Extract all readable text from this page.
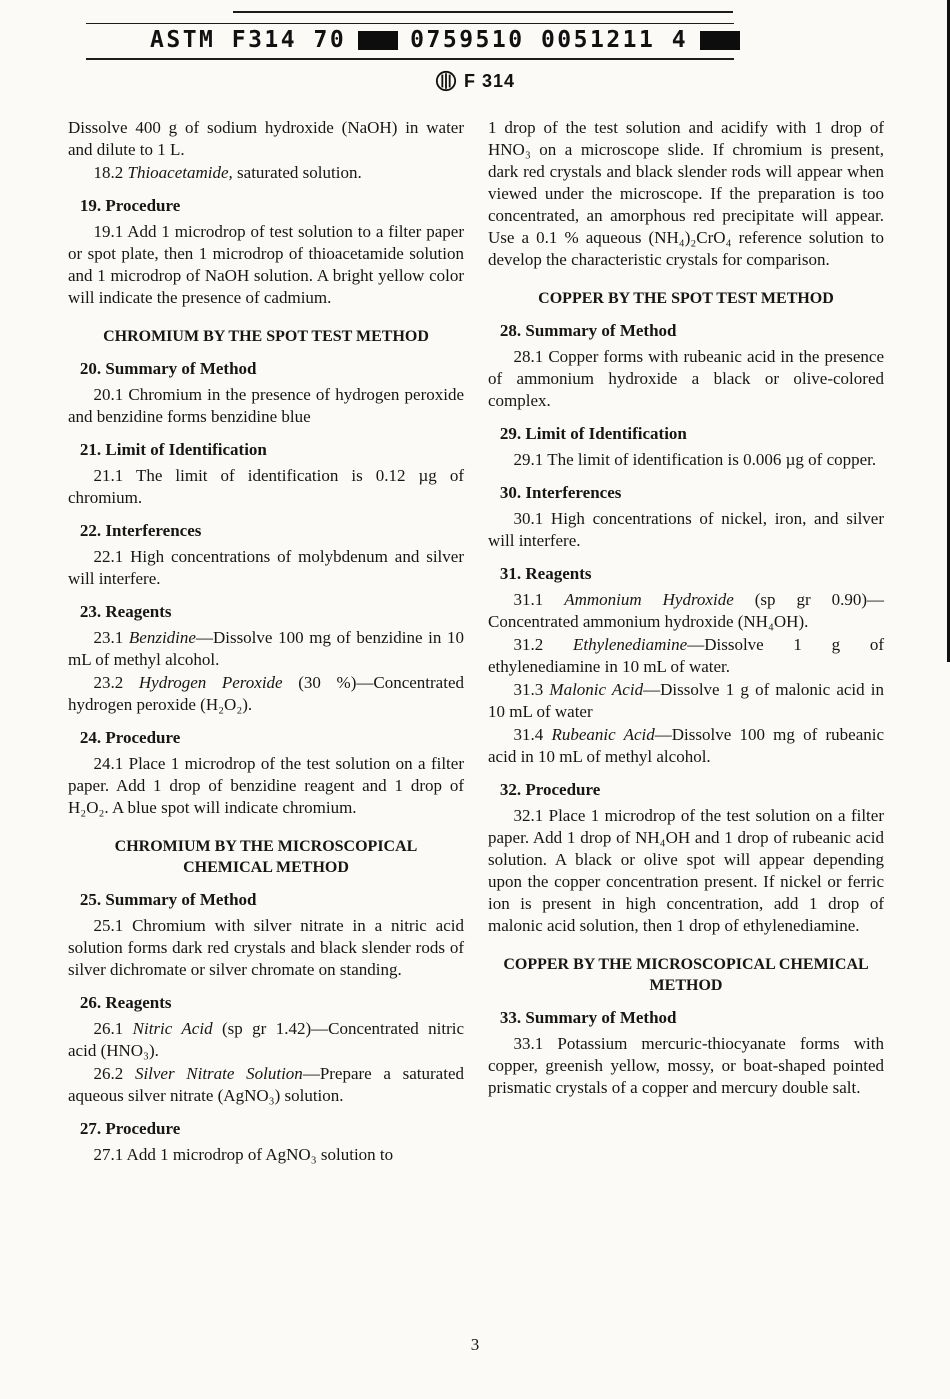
ASTM F314 70	0759510 0051211 4
F 314

Dissolve 400 g of sodium hydroxide (NaOH) in water and dilute to 1 L.

18.2 Thioacetamide, saturated solution.

19. Procedure

19.1 Add 1 microdrop of test solution to a filter paper or spot plate, then 1 microdrop of thioacetamide solution and 1 microdrop of NaOH solution. A bright yellow color will indicate the presence of cadmium.

CHROMIUM BY THE SPOT TEST METHOD
20. Summary of Method

20.1 Chromium in the presence of hydrogen peroxide and benzidine forms benzidine blue

21. Limit of Identification

21.1 The limit of identification is 0.12 µg of chromium.

22. Interferences

22.1 High concentrations of molybdenum and silver will interfere.

23. Reagents

23.1 Benzidine—Dissolve 100 mg of benzidine in 10 mL of methyl alcohol.

23.2 Hydrogen Peroxide (30 %)—Concentrated hydrogen peroxide (H₂O₂).

24. Procedure

24.1 Place 1 microdrop of the test solution on a filter paper. Add 1 drop of benzidine reagent and 1 drop of H₂O₂. A blue spot will indicate chromium.

CHROMIUM BY THE MICROSCOPICAL CHEMICAL METHOD
25. Summary of Method

25.1 Chromium with silver nitrate in a nitric acid solution forms dark red crystals and black slender rods of silver dichromate or silver chromate on standing.

26. Reagents

26.1 Nitric Acid (sp gr 1.42)—Concentrated nitric acid (HNO₃).

26.2 Silver Nitrate Solution—Prepare a saturated aqueous silver nitrate (AgNO₃) solution.

27. Procedure

27.1 Add 1 microdrop of AgNO₃ solution to

1 drop of the test solution and acidify with 1 drop of HNO₃ on a microscope slide. If chromium is present, dark red crystals and black slender rods will appear when viewed under the microscope. If the preparation is too concentrated, an amorphous red precipitate will appear. Use a 0.1 % aqueous (NH₄)₂CrO₄ reference solution to develop the characteristic crystals for comparison.

COPPER BY THE SPOT TEST METHOD
28. Summary of Method

28.1 Copper forms with rubeanic acid in the presence of ammonium hydroxide a black or olive-colored complex.

29. Limit of Identification

29.1 The limit of identification is 0.006 µg of copper.

30. Interferences

30.1 High concentrations of nickel, iron, and silver will interfere.

31. Reagents

31.1 Ammonium Hydroxide (sp gr 0.90)—Concentrated ammonium hydroxide (NH₄OH).

31.2 Ethylenediamine—Dissolve 1 g of ethylenediamine in 10 mL of water.

31.3 Malonic Acid—Dissolve 1 g of malonic acid in 10 mL of water

31.4 Rubeanic Acid—Dissolve 100 mg of rubeanic acid in 10 mL of methyl alcohol.

32. Procedure

32.1 Place 1 microdrop of the test solution on a filter paper. Add 1 drop of NH₄OH and 1 drop of rubeanic acid solution. A black or olive spot will appear depending upon the copper concentration present. If nickel or ferric ion is present in high concentration, add 1 drop of malonic acid solution, then 1 drop of ethylenediamine.

COPPER BY THE MICROSCOPICAL CHEMICAL METHOD
33. Summary of Method

33.1 Potassium mercuric-thiocyanate forms with copper, greenish yellow, mossy, or boat-shaped pointed prismatic crystals of a copper and mercury double salt.

3
